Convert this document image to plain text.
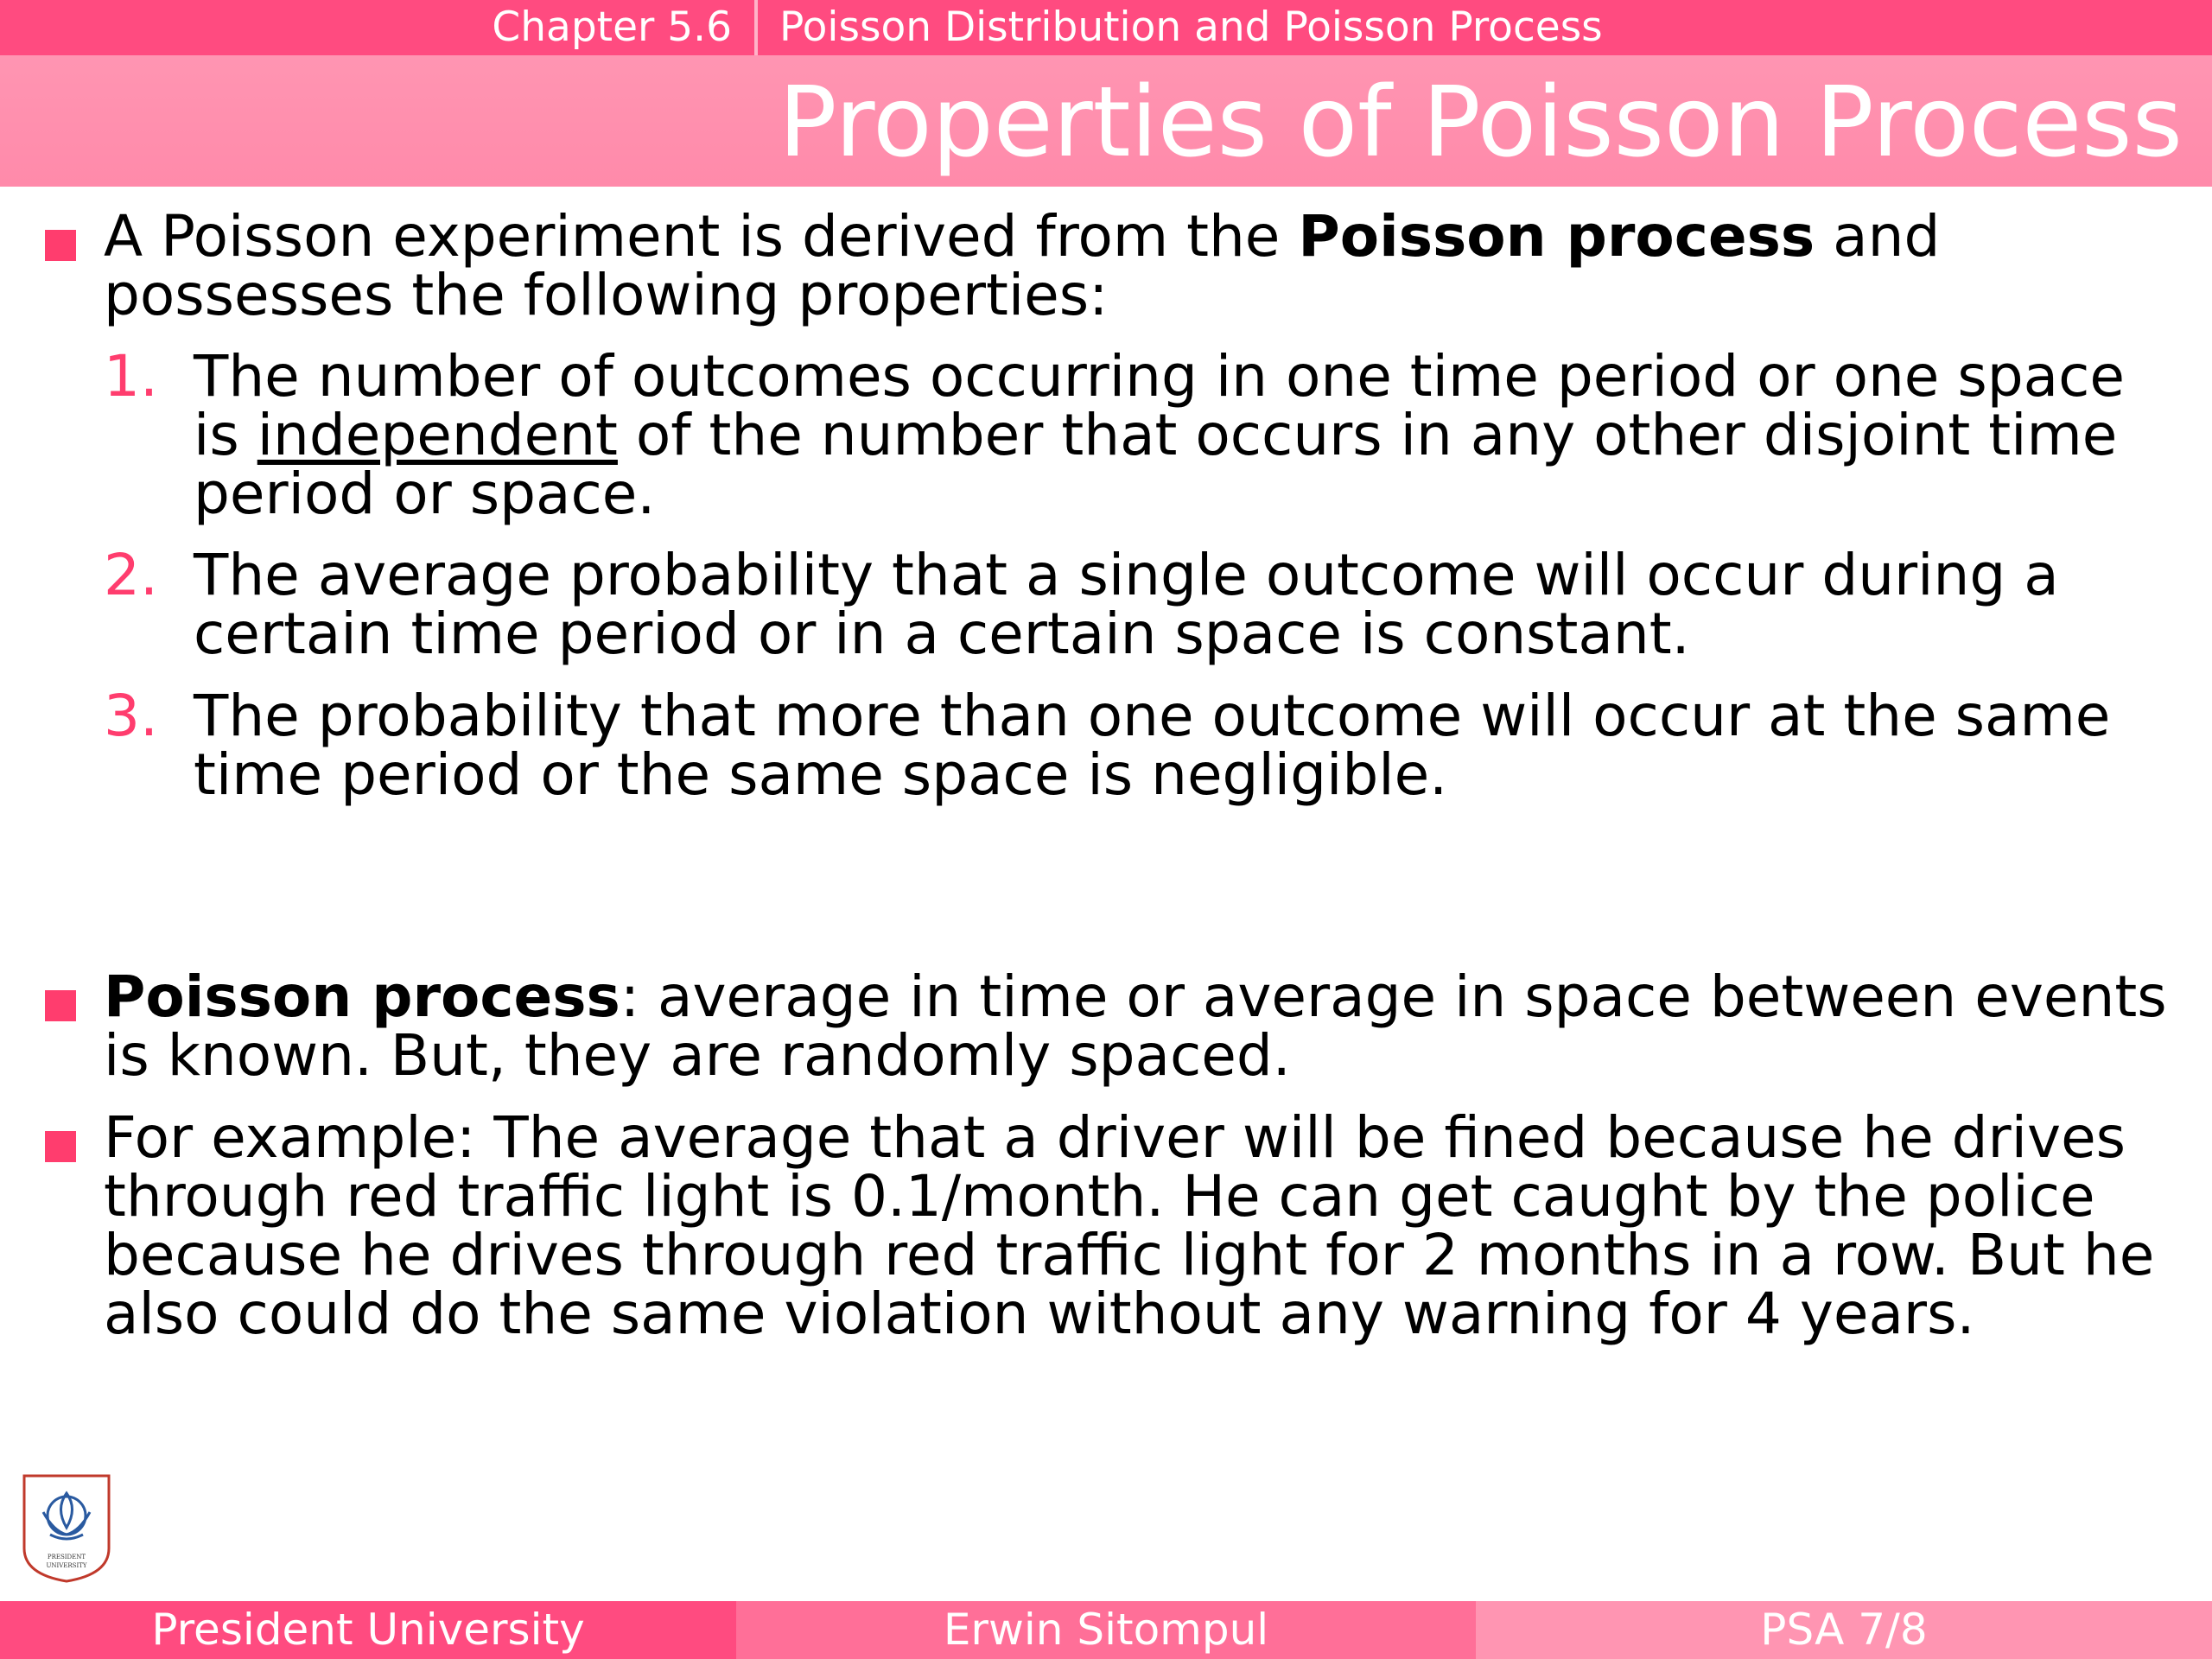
Chapter 5.6	Poisson Distribution and Poisson Process
Properties of Poisson Process
A Poisson experiment is derived from the Poisson process and possesses the following properties:
1. The number of outcomes occurring in one time period or one space is independent of the number that occurs in any other disjoint time period or space.
2. The average probability that a single outcome will occur during a certain time period or in a certain space is constant.
3. The probability that more than one outcome will occur at the same time period or the same space is negligible.
Poisson process: average in time or average in space between events is known. But, they are randomly spaced.
For example: The average that a driver will be fined because he drives through red traffic light is 0.1/month. He can get caught by the police because he drives through red traffic light for 2 months in a row. But he also could do the same violation without any warning for 4 years.
PRESIDENT
UNIVERSITY
President University	Erwin Sitompul	PSA 7/8
